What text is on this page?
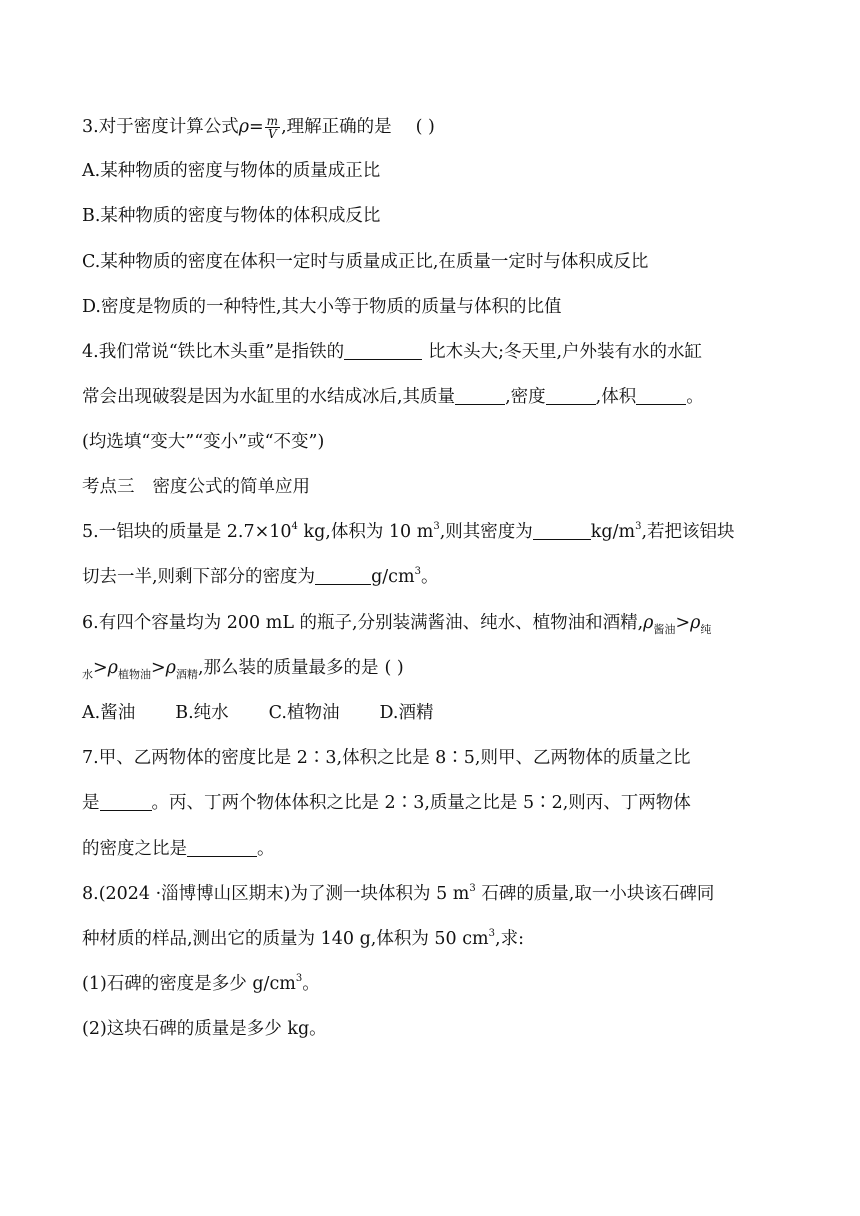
3.对于密度计算公式$\rho= \frac{m}{V}$ ,理解正确的是 ( )
A.某种物质的密度与物体的质量成正比
B.某种物质的密度与物体的体积成反比
C.某种物质的密度在体积一定时与质量成正比,在质量一定时与体积成反比
D.密度是物质的一种特性,其大小等于物质的质量与体积的比值
4.我们常说“铁比木头重”是指铁的	比木头大;冬天里,户外装有水的水缸
常会出现破裂是因为水缸里的水结成冰后,其质量	,密度	,体积	。
(均选填“变大”“变小”或“不变”)
考点三 密度公式的简单应用
5.一铝块的质量是 $2.7\times 10^4$ kg,体积为 10 $m^3$,则其密度为	$kg/m^3$,若把该铝块
切去一半,则剩下部分的密度为	$g/cm^3$。
6.有四个容量均为 200 mL 的瓶子,分别装满酱油、纯水、植物油和酒精$,\rho_{酱油}>\rho_纯$
$_水>\rho_{植物油}>\rho_{酒精}$,那么装的质量最多的是 ( )
A.酱油 B.纯水 C.植物油 D.酒精
7.甲、乙两物体的密度比是 2∶3,体积之比是 8∶5,则甲、乙两物体的质量之比
是	。丙、丁两个物体体积之比是 2∶3,质量之比是 5∶2,则丙、丁两物体
的密度之比是	。
8.(2024 ·淄博博山区期末)为了测一块体积为 5 $m^3$ 石碑的质量,取一小块该石碑同
种材质的样品,测出它的质量为 140 g,体积为 50 $cm^3$,求:
(1)石碑的密度是多少 $g/cm^3$。
(2)这块石碑的质量是多少 kg。
